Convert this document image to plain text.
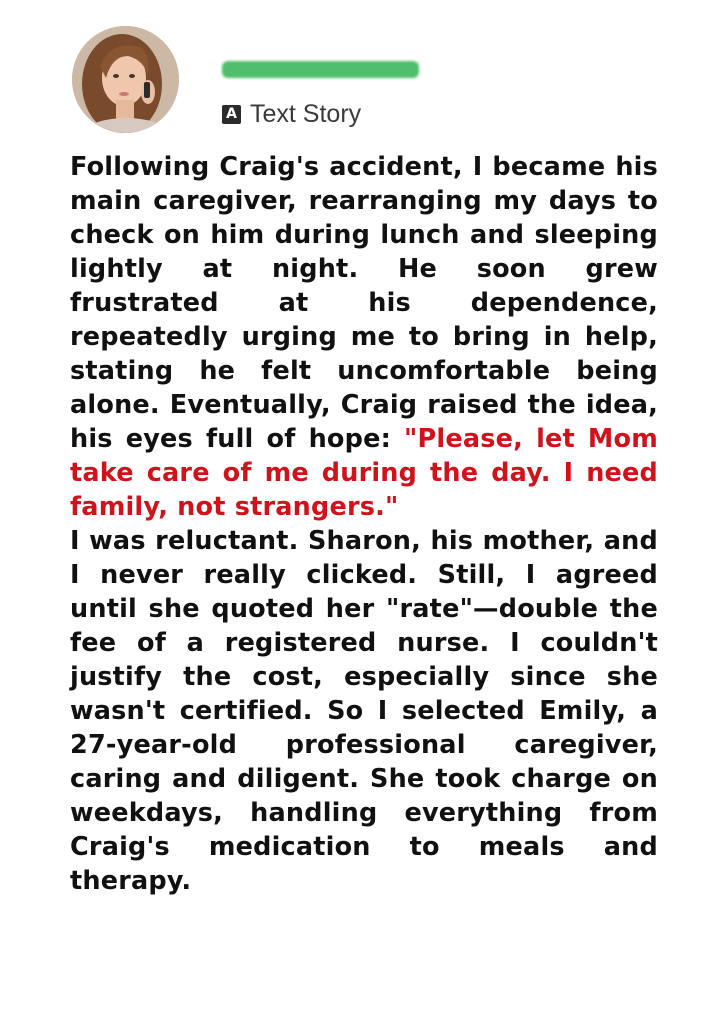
A Text Story

Following Craig's accident, I became his main caregiver, rearranging my days to check on him during lunch and sleeping lightly at night. He soon grew frustrated at his dependence, repeatedly urging me to bring in help, stating he felt uncomfortable being alone. Eventually, Craig raised the idea, his eyes full of hope: "Please, let Mom take care of me during the day. I need family, not strangers."

I was reluctant. Sharon, his mother, and I never really clicked. Still, I agreed until she quoted her "rate"—double the fee of a registered nurse. I couldn't justify the cost, especially since she wasn't certified. So I selected Emily, a 27-year-old professional caregiver, caring and diligent. She took charge on weekdays, handling everything from Craig's medication to meals and therapy.
